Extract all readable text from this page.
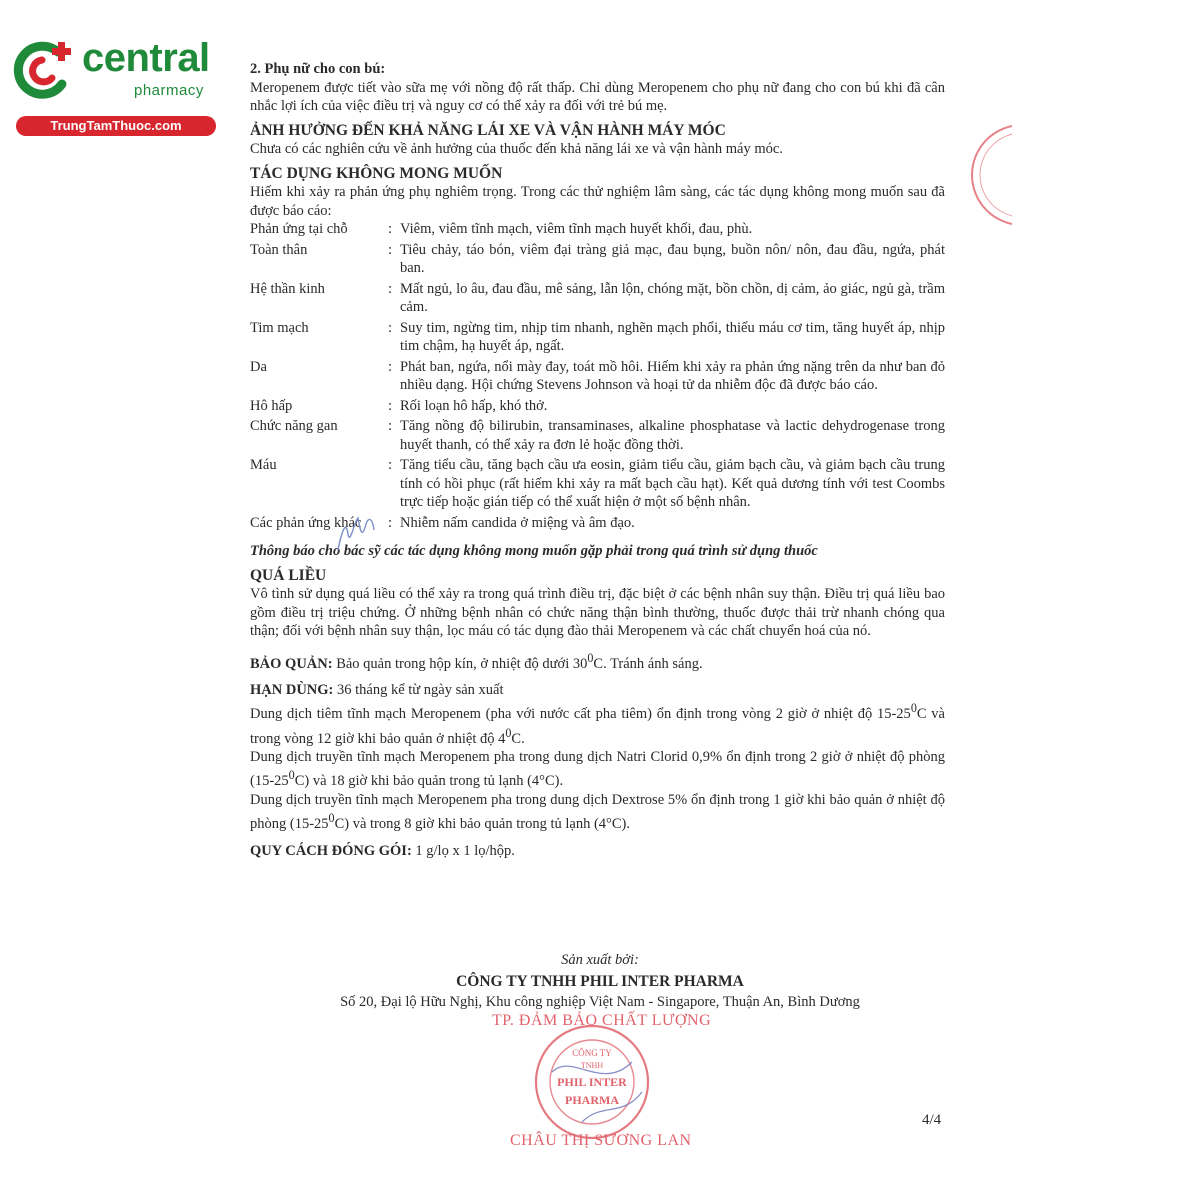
central
pharmacy
TrungTamThuoc.com

2. Phụ nữ cho con bú:

Meropenem được tiết vào sữa mẹ với nồng độ rất thấp. Chỉ dùng Meropenem cho phụ nữ đang cho con bú khi đã cân nhắc lợi ích của việc điều trị và nguy cơ có thể xảy ra đối với trẻ bú mẹ.

ẢNH HƯỞNG ĐẾN KHẢ NĂNG LÁI XE VÀ VẬN HÀNH MÁY MÓC

Chưa có các nghiên cứu về ảnh hưởng của thuốc đến khả năng lái xe và vận hành máy móc.

TÁC DỤNG KHÔNG MONG MUỐN

Hiếm khi xảy ra phản ứng phụ nghiêm trọng. Trong các thử nghiệm lâm sàng, các tác dụng không mong muốn sau đã được báo cáo:

Phản ứng tại chỗ	:	Viêm, viêm tĩnh mạch, viêm tĩnh mạch huyết khối, đau, phù.
Toàn thân	:	Tiêu chảy, táo bón, viêm đại tràng giả mạc, đau bụng, buồn nôn/ nôn, đau đầu, ngứa, phát ban.
Hệ thần kinh	:	Mất ngủ, lo âu, đau đầu, mê sảng, lẫn lộn, chóng mặt, bồn chồn, dị cảm, ảo giác, ngủ gà, trầm cảm.
Tim mạch	:	Suy tim, ngừng tim, nhịp tim nhanh, nghẽn mạch phổi, thiếu máu cơ tim, tăng huyết áp, nhịp tim chậm, hạ huyết áp, ngất.
Da	:	Phát ban, ngứa, nổi mày đay, toát mồ hôi. Hiếm khi xảy ra phản ứng nặng trên da như ban đỏ nhiều dạng. Hội chứng Stevens Johnson và hoại tử da nhiễm độc đã được báo cáo.
Hô hấp	:	Rối loạn hô hấp, khó thở.
Chức năng gan	:	Tăng nồng độ bilirubin, transaminases, alkaline phosphatase và lactic dehydrogenase trong huyết thanh, có thể xảy ra đơn lẻ hoặc đồng thời.
Máu	:	Tăng tiểu cầu, tăng bạch cầu ưa eosin, giảm tiểu cầu, giảm bạch cầu, và giảm bạch cầu trung tính có hồi phục (rất hiếm khi xảy ra mất bạch cầu hạt). Kết quả dương tính với test Coombs trực tiếp hoặc gián tiếp có thể xuất hiện ở một số bệnh nhân.
Các phản ứng khác	:	Nhiễm nấm candida ở miệng và âm đạo.

Thông báo cho bác sỹ các tác dụng không mong muốn gặp phải trong quá trình sử dụng thuốc

QUÁ LIỀU

Vô tình sử dụng quá liều có thể xảy ra trong quá trình điều trị, đặc biệt ở các bệnh nhân suy thận. Điều trị quá liều bao gồm điều trị triệu chứng. Ở những bệnh nhân có chức năng thận bình thường, thuốc được thải trừ nhanh chóng qua thận; đối với bệnh nhân suy thận, lọc máu có tác dụng đào thải Meropenem và các chất chuyển hoá của nó.

BẢO QUẢN: Bảo quản trong hộp kín, ở nhiệt độ dưới $30^0C$. Tránh ánh sáng.

HẠN DÙNG: 36 tháng kể từ ngày sản xuất

Dung dịch tiêm tĩnh mạch Meropenem (pha với nước cất pha tiêm) ổn định trong vòng 2 giờ ở nhiệt độ $15-25^0C$ và trong vòng 12 giờ khi bảo quản ở nhiệt độ $4^0C$.

Dung dịch truyền tĩnh mạch Meropenem pha trong dung dịch Natri Clorid 0,9% ổn định trong 2 giờ ở nhiệt độ phòng $(15-25^0C)$ và 18 giờ khi bảo quản trong tủ lạnh (4°C).

Dung dịch truyền tĩnh mạch Meropenem pha trong dung dịch Dextrose 5% ổn định trong 1 giờ khi bảo quản ở nhiệt độ phòng $(15-25^0C)$ và trong 8 giờ khi bảo quản trong tủ lạnh (4°C).

QUY CÁCH ĐÓNG GÓI: 1 g/lọ x 1 lọ/hộp.

Sản xuất bởi:
CÔNG TY TNHH PHIL INTER PHARMA
Số 20, Đại lộ Hữu Nghị, Khu công nghiệp Việt Nam - Singapore, Thuận An, Bình Dương
CÔNG TY
TNHH
PHIL INTER
PHARMA
TP. ĐẢM BẢO CHẤT LƯỢNG
CHÂU THỊ SƯƠNG LAN
4/4
